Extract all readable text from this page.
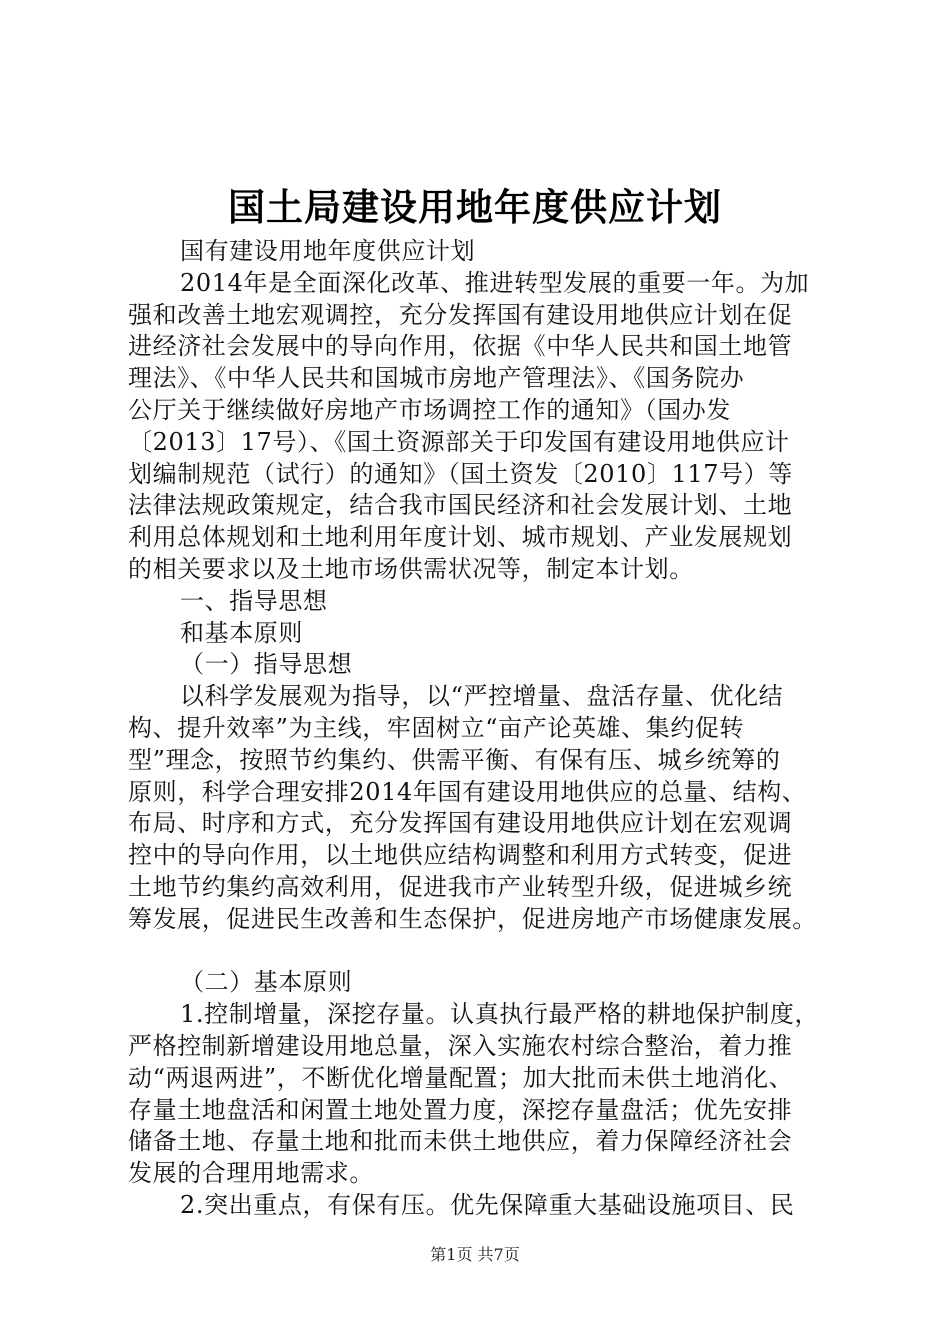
国土局建设用地年度供应计划
国有建设用地年度供应计划
2014年是全面深化改革、推进转型发展的重要一年。为加
强和改善土地宏观调控，充分发挥国有建设用地供应计划在促
进经济社会发展中的导向作用，依据《中华人民共和国土地管
理法》、《中华人民共和国城市房地产管理法》、《国务院办
公厅关于继续做好房地产市场调控工作的通知》（国办发
〔2013〕17号）、《国土资源部关于印发国有建设用地供应计
划编制规范（试行）的通知》（国土资发〔2010〕117号）等
法律法规政策规定，结合我市国民经济和社会发展计划、土地
利用总体规划和土地利用年度计划、城市规划、产业发展规划
的相关要求以及土地市场供需状况等，制定本计划。
一、指导思想
和基本原则
（一）指导思想
以科学发展观为指导，以“严控增量、盘活存量、优化结
构、提升效率”为主线，牢固树立“亩产论英雄、集约促转
型”理念，按照节约集约、供需平衡、有保有压、城乡统筹的
原则，科学合理安排2014年国有建设用地供应的总量、结构、
布局、时序和方式，充分发挥国有建设用地供应计划在宏观调
控中的导向作用，以土地供应结构调整和利用方式转变，促进
土地节约集约高效利用，促进我市产业转型升级，促进城乡统
筹发展，促进民生改善和生态保护，促进房地产市场健康发展。
（二）基本原则
1.控制增量，深挖存量。认真执行最严格的耕地保护制度，
严格控制新增建设用地总量，深入实施农村综合整治，着力推
动“两退两进”，不断优化增量配置；加大批而未供土地消化、
存量土地盘活和闲置土地处置力度，深挖存量盘活；优先安排
储备土地、存量土地和批而未供土地供应，着力保障经济社会
发展的合理用地需求。
2.突出重点，有保有压。优先保障重大基础设施项目、民
第1页 共7页
